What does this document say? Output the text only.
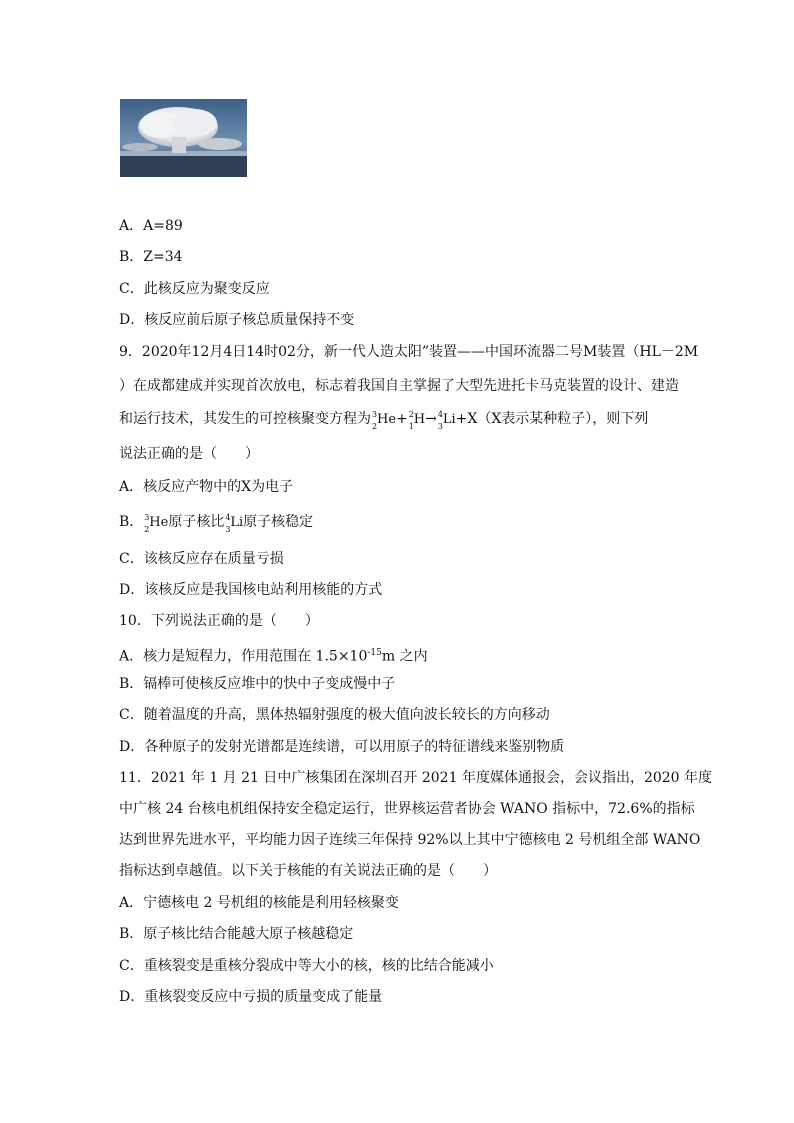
A．A=89
B．Z=34
C．此核反应为聚变反应
D．核反应前后原子核总质量保持不变
9．2020年12月4日14时02分，新一代人造太阳”装置——中国环流器二号M装置（HL－2M
）在成都建成并实现首次放电，标志着我国自主掌握了大型先进托卡马克装置的设计、建造
和运行技术，其发生的可控核聚变方程为 3
2 He+ 2
1 H→ 4
3 Li+X（X表示某种粒子），则下列
说法正确的是（　　）
A．核反应产物中的X为电子
B． 3
2 He原子核比 4
3 Li原子核稳定
C．该核反应存在质量亏损
D．该核反应是我国核电站利用核能的方式
10．下列说法正确的是（　　）
A．核力是短程力，作用范围在 $1.5\times 10^{-15}m$ 之内
B．镉棒可使核反应堆中的快中子变成慢中子
C．随着温度的升高，黑体热辐射强度的极大值向波长较长的方向移动
D．各种原子的发射光谱都是连续谱，可以用原子的特征谱线来鉴别物质
11．2021 年 1 月 21 日中广核集团在深圳召开 2021 年度媒体通报会，会议指出，2020 年度
中广核 24 台核电机组保持安全稳定运行，世界核运营者协会 WANO 指标中，72.6%的指标
达到世界先进水平，平均能力因子连续三年保持 92%以上其中宁德核电 2 号机组全部 WANO
指标达到卓越值。以下关于核能的有关说法正确的是（　　）
A．宁德核电 2 号机组的核能是利用轻核聚变
B．原子核比结合能越大原子核越稳定
C．重核裂变是重核分裂成中等大小的核，核的比结合能减小
D．重核裂变反应中亏损的质量变成了能量
